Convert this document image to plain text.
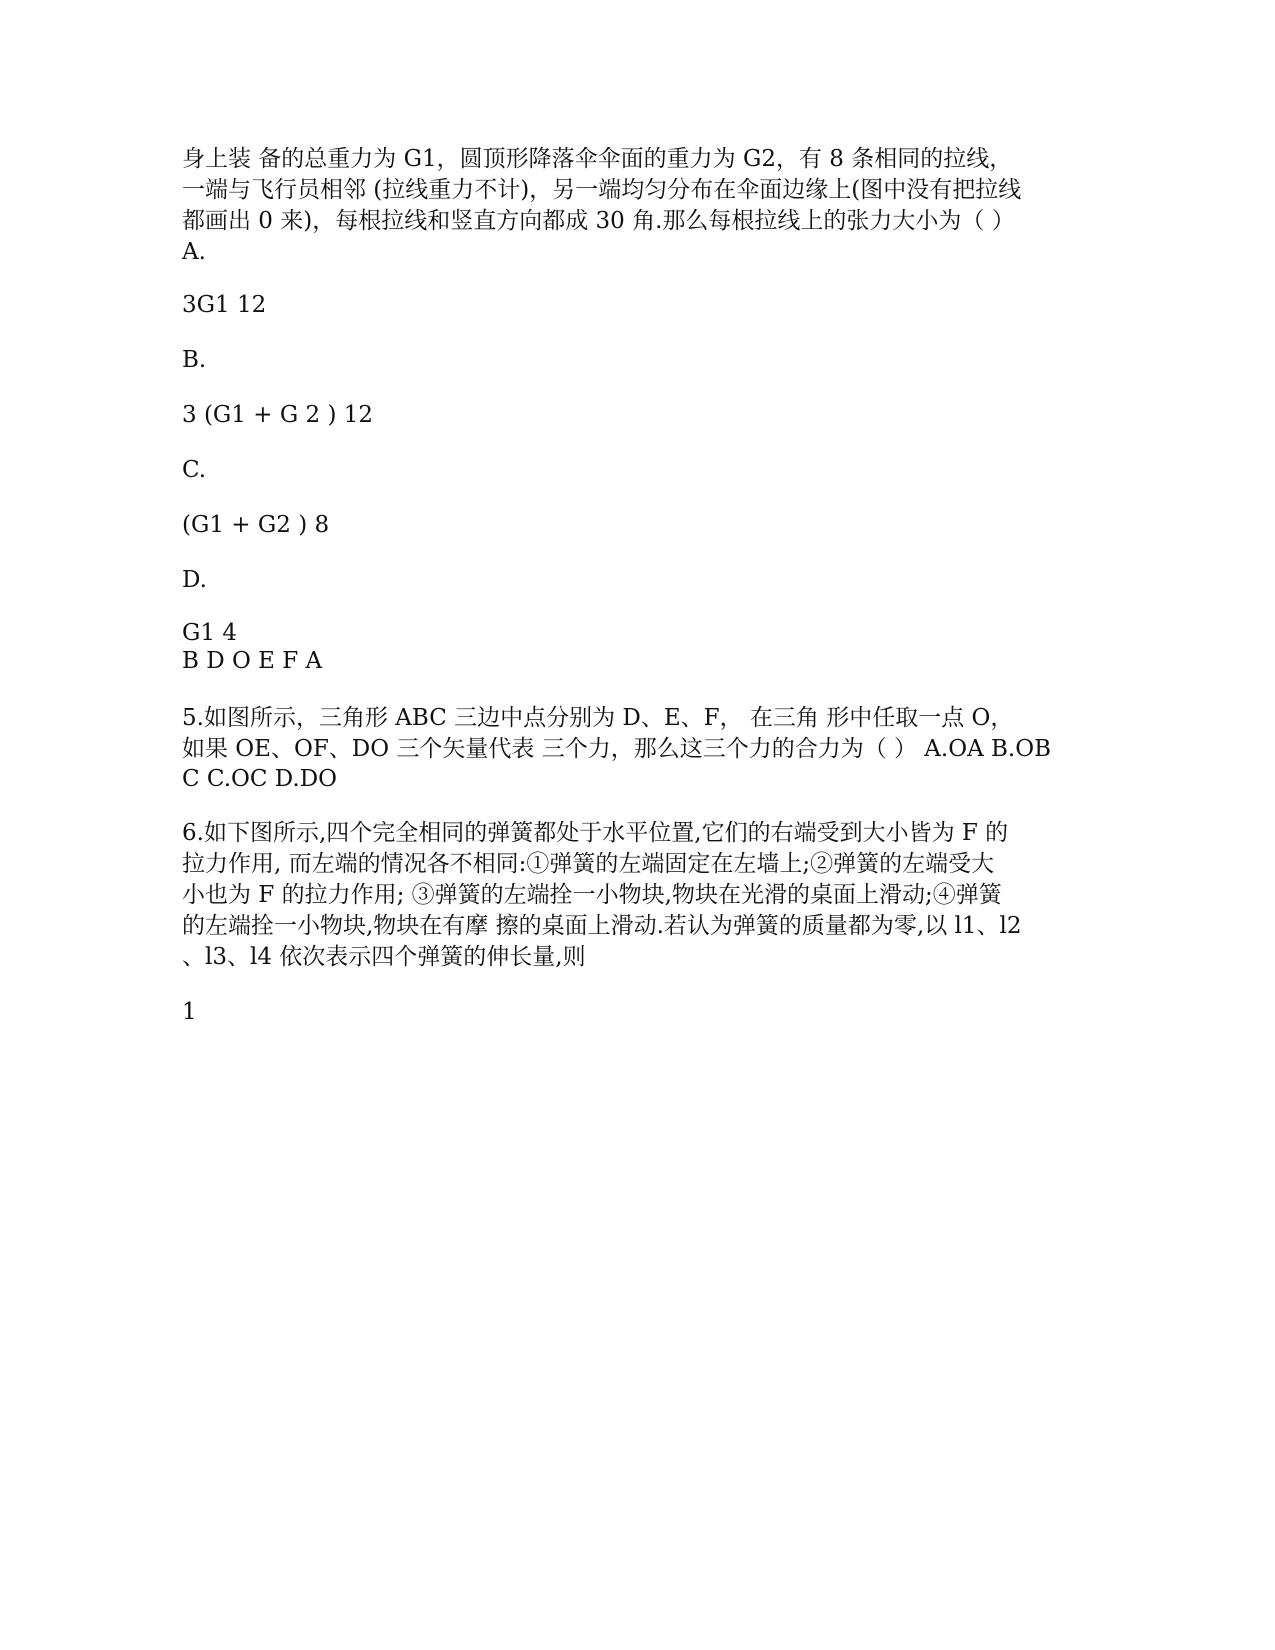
身上装 备的总重力为 G1，圆顶形降落伞伞面的重力为 G2，有 8 条相同的拉线，
一端与飞行员相邻 (拉线重力不计)，另一端均匀分布在伞面边缘上(图中没有把拉线
都画出 0 来)，每根拉线和竖直方向都成 30 角.那么每根拉线上的张力大小为（ ）
A.
3G1 12
B.
3 (G1 + G 2 ) 12
C.
(G1 + G2 ) 8
D.
G1 4
B D O E F A
5.如图所示，三角形 ABC 三边中点分别为 D、E、F， 在三角 形中任取一点 O，
如果 OE、OF、DO 三个矢量代表 三个力，那么这三个力的合力为（ ） A.OA B.OB
C C.OC D.DO
6.如下图所示,四个完全相同的弹簧都处于水平位置,它们的右端受到大小皆为 F 的
拉力作用, 而左端的情况各不相同:①弹簧的左端固定在左墙上;②弹簧的左端受大
小也为 F 的拉力作用; ③弹簧的左端拴一小物块,物块在光滑的桌面上滑动;④弹簧
的左端拴一小物块,物块在有摩 擦的桌面上滑动.若认为弹簧的质量都为零,以 l1、l2
、l3、l4 依次表示四个弹簧的伸长量,则
1
